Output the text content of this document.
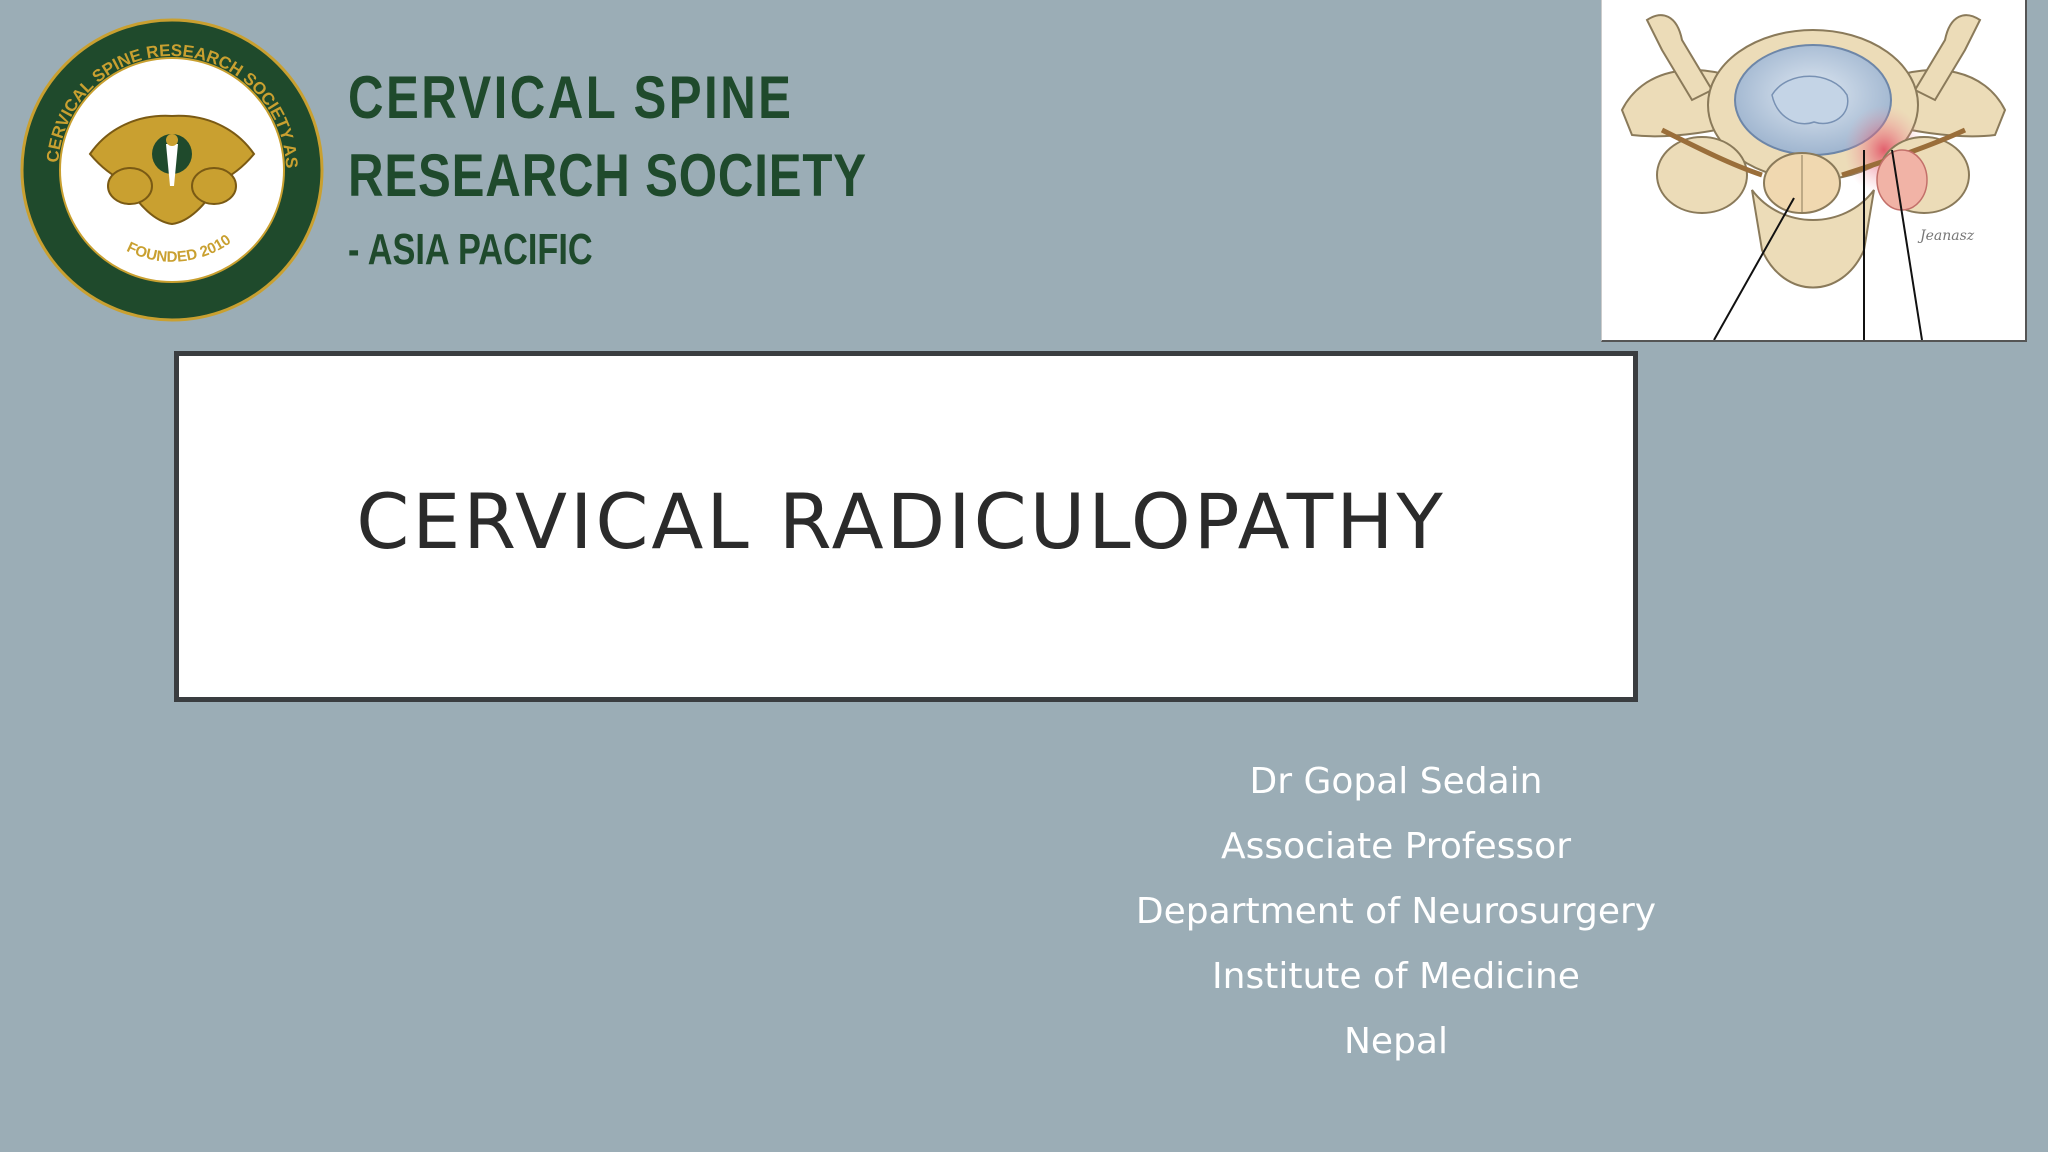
CERVICAL SPINE RESEARCH SOCIETY AS
FOUNDED 2010
CERVICAL SPINE
RESEARCH SOCIETY
- ASIA PACIFIC	Jeanasz
CERVICAL RADICULOPATHY
Dr Gopal Sedain
Associate Professor
Department of Neurosurgery
Institute of Medicine
Nepal
